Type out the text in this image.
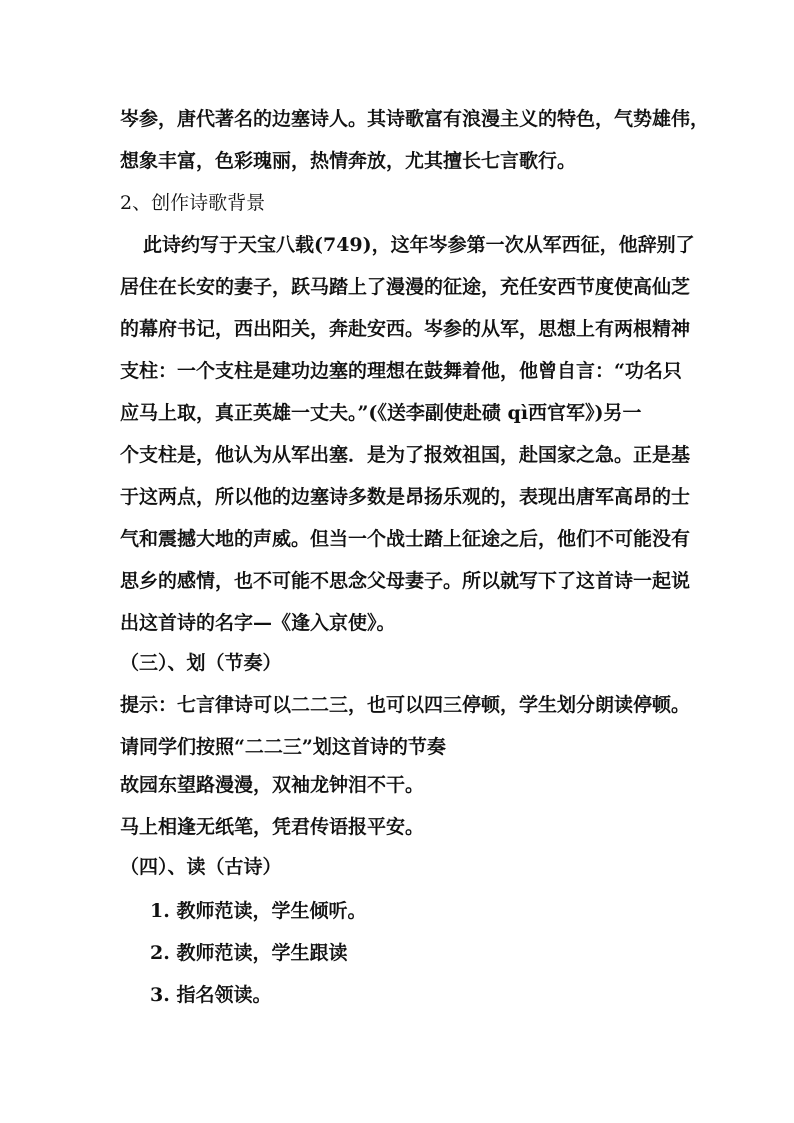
岑参，唐代著名的边塞诗人。其诗歌富有浪漫主义的特色，气势雄伟，
想象丰富，色彩瑰丽，热情奔放，尤其擅长七言歌行。
2、创作诗歌背景
此诗约写于天宝八载(749)，这年岑参第一次从军西征，他辞别了
居住在长安的妻子，跃马踏上了漫漫的征途，充任安西节度使高仙芝
的幕府书记，西出阳关，奔赴安西。岑参的从军，思想上有两根精神
支柱：一个支柱是建功边塞的理想在鼓舞着他，他曾自言：“功名只
应马上取，真正英雄一丈夫。”(《送李副使赴碛 qì西官军》)另一
个支柱是，他认为从军出塞．是为了报效祖国，赴国家之急。正是基
于这两点，所以他的边塞诗多数是昂扬乐观的，表现出唐军高昂的士
气和震撼大地的声威。但当一个战士踏上征途之后，他们不可能没有
思乡的感情，也不可能不思念父母妻子。所以就写下了这首诗一起说
出这首诗的名字—《逢入京使》。
（三）、划（节奏）
提示：七言律诗可以二二三，也可以四三停顿，学生划分朗读停顿。
请同学们按照“二二三”划这首诗的节奏
故园东望路漫漫，双袖龙钟泪不干。
马上相逢无纸笔，凭君传语报平安。
（四）、读（古诗）
1. 教师范读，学生倾听。
2. 教师范读，学生跟读
3. 指名领读。
